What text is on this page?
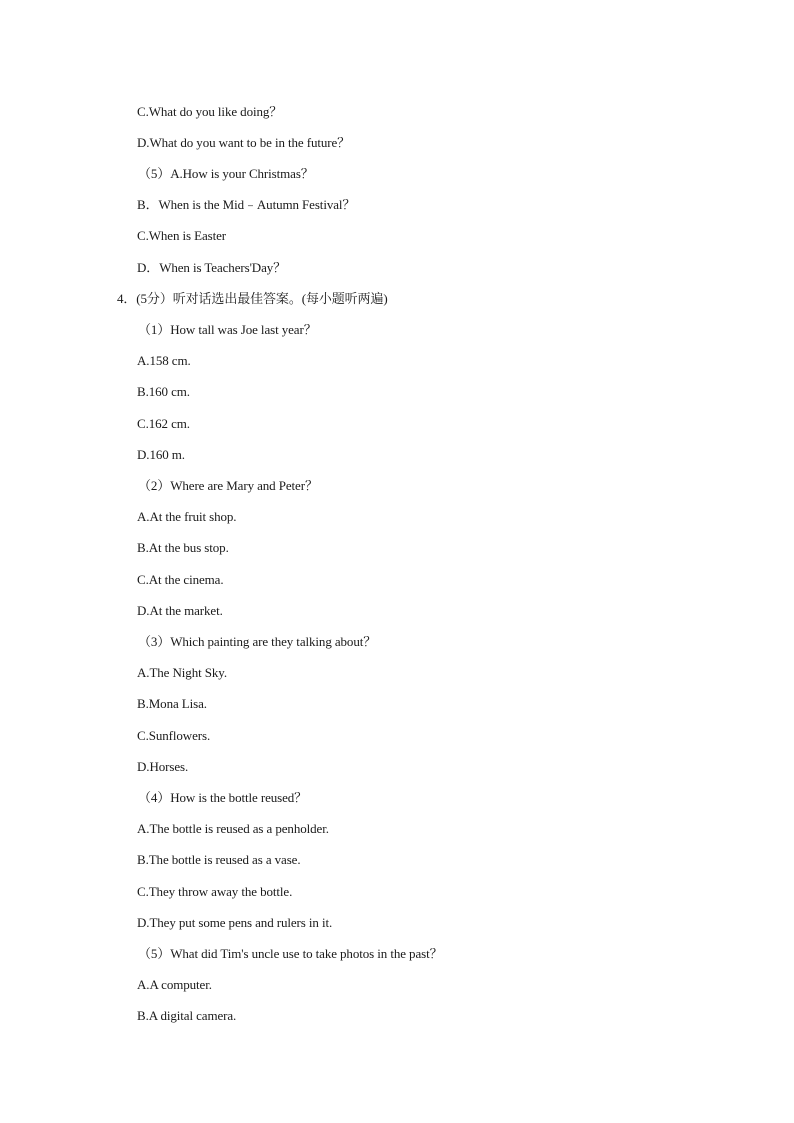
C.What do you like doing？
D.What do you want to be in the future？
（5）A.How is your Christmas？
B．When is the Mid﹣Autumn Festival？
C.When is Easter
D．When is Teachers'Day？
4．(5分）听对话选出最佳答案。(每小题听两遍)
（1）How tall was Joe last year？
A.158 cm.
B.160 cm.
C.162 cm.
D.160 m.
（2）Where are Mary and Peter？
A.At the fruit shop.
B.At the bus stop.
C.At the cinema.
D.At the market.
（3）Which painting are they talking about？
A.The Night Sky.
B.Mona Lisa.
C.Sunflowers.
D.Horses.
（4）How is the bottle reused？
A.The bottle is reused as a penholder.
B.The bottle is reused as a vase.
C.They throw away the bottle.
D.They put some pens and rulers in it.
（5）What did Tim's uncle use to take photos in the past？
A.A computer.
B.A digital camera.
